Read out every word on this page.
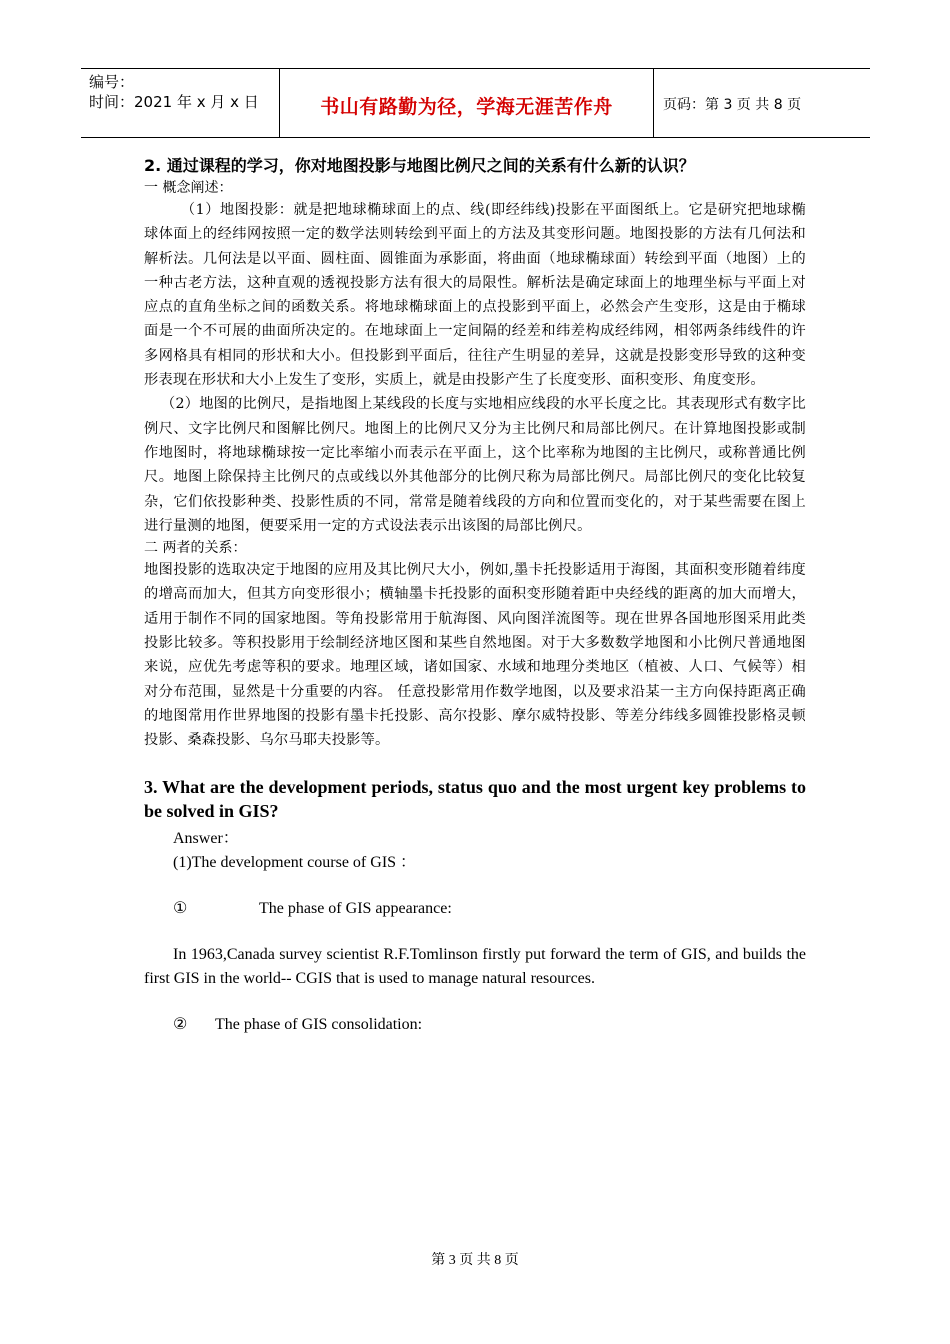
编号：
时间：2021 年 x 月 x 日	书山有路勤为径，学海无涯苦作舟	页码：第 3 页 共 8 页

2. 通过课程的学习，你对地图投影与地图比例尺之间的关系有什么新的认识？

一 概念阐述：

（1）地图投影：就是把地球椭球面上的点、线(即经纬线)投影在平面图纸上。它是研究把地球椭球体面上的经纬网按照一定的数学法则转绘到平面上的方法及其变形问题。地图投影的方法有几何法和解析法。几何法是以平面、圆柱面、圆锥面为承影面，将曲面（地球椭球面）转绘到平面（地图）上的一种古老方法，这种直观的透视投影方法有很大的局限性。解析法是确定球面上的地理坐标与平面上对应点的直角坐标之间的函数关系。将地球椭球面上的点投影到平面上，必然会产生变形，这是由于椭球面是一个不可展的曲面所决定的。在地球面上一定间隔的经差和纬差构成经纬网，相邻两条纬线件的许多网格具有相同的形状和大小。但投影到平面后，往往产生明显的差异，这就是投影变形导致的这种变形表现在形状和大小上发生了变形，实质上，就是由投影产生了长度变形、面积变形、角度变形。

（2）地图的比例尺，是指地图上某线段的长度与实地相应线段的水平长度之比。其表现形式有数字比例尺、文字比例尺和图解比例尺。地图上的比例尺又分为主比例尺和局部比例尺。在计算地图投影或制作地图时，将地球椭球按一定比率缩小而表示在平面上，这个比率称为地图的主比例尺，或称普通比例尺。地图上除保持主比例尺的点或线以外其他部分的比例尺称为局部比例尺。局部比例尺的变化比较复杂，它们依投影种类、投影性质的不同，常常是随着线段的方向和位置而变化的，对于某些需要在图上进行量测的地图，便要采用一定的方式设法表示出该图的局部比例尺。

二 两者的关系：

地图投影的选取决定于地图的应用及其比例尺大小，例如,墨卡托投影适用于海图，其面积变形随着纬度的增高而加大，但其方向变形很小；横轴墨卡托投影的面积变形随着距中央经线的距离的加大而增大，适用于制作不同的国家地图。等角投影常用于航海图、风向图洋流图等。现在世界各国地形图采用此类投影比较多。等积投影用于绘制经济地区图和某些自然地图。对于大多数数学地图和小比例尺普通地图来说，应优先考虑等积的要求。地理区域，诸如国家、水域和地理分类地区（植被、人口、气候等）相对分布范围，显然是十分重要的内容。 任意投影常用作数学地图，以及要求沿某一主方向保持距离正确的地图常用作世界地图的投影有墨卡托投影、高尔投影、摩尔威特投影、等差分纬线多圆锥投影格灵顿投影、桑森投影、乌尔马耶夫投影等。

3. What are the development periods, status quo and the most urgent key problems to be solved in GIS?

Answer：

(1)The development course of GIS ：

①	The phase of GIS appearance:

In 1963,Canada survey scientist R.F.Tomlinson firstly put forward the term of GIS, and builds the first GIS in the world-- CGIS that is used to manage natural resources.

②	The phase of GIS consolidation:
第 3 页 共 8 页
